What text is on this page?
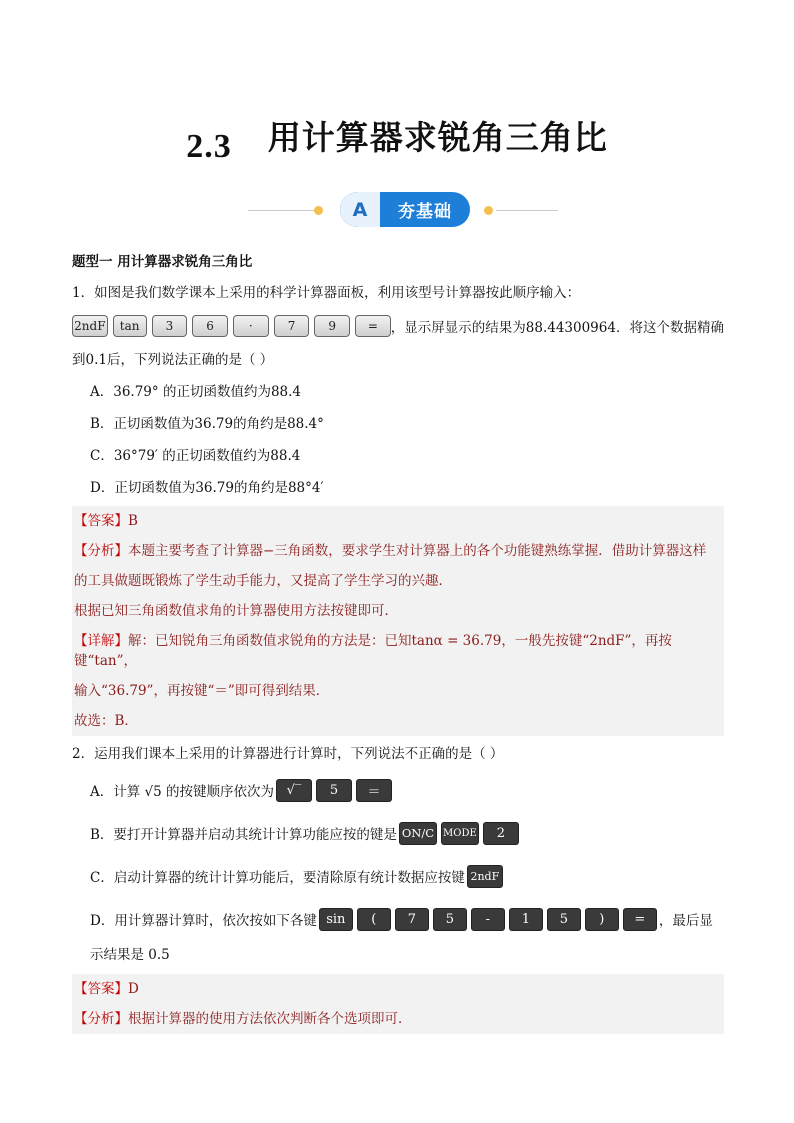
2.3 用计算器求锐角三角比
A	夯基础
题型一 用计算器求锐角三角比
1．如图是我们数学课本上采用的科学计算器面板，利用该型号计算器按此顺序输入：
2ndF	tan	3	6	·	7	9	= ，显示屏显示的结果为88.44300964．将这个数据精确
到0.1后，下列说法正确的是（ ）
A．36.79° 的正切函数值约为88.4
B．正切函数值为36.79的角约是88.4°
C．36°79′ 的正切函数值约为88.4
D．正切函数值为36.79的角约是88°4′
【答案】B
【分析】本题主要考查了计算器−三角函数，要求学生对计算器上的各个功能键熟练掌握．借助计算器这样
的工具做题既锻炼了学生动手能力，又提高了学生学习的兴趣．
根据已知三角函数值求角的计算器使用方法按键即可．
【详解】解：已知锐角三角函数值求锐角的方法是：已知tanα = 36.79，一般先按键“2ndF”，再按键“tan”，
输入“36.79”，再按键“＝”即可得到结果．
故选：B．
2．运用我们课本上采用的计算器进行计算时，下列说法不正确的是（ ）
A．计算 √5 的按键顺序依次为 √‾	5	＝
B．要打开计算器并启动其统计计算功能应按的键是 ON/C MODE	2
C．启动计算器的统计计算功能后，要清除原有统计数据应按键 2ndF
D．用计算器计算时，依次按如下各键 sin	(	7	5	-	1	5	)	=	，最后显
示结果是 0.5
【答案】D
【分析】根据计算器的使用方法依次判断各个选项即可．
